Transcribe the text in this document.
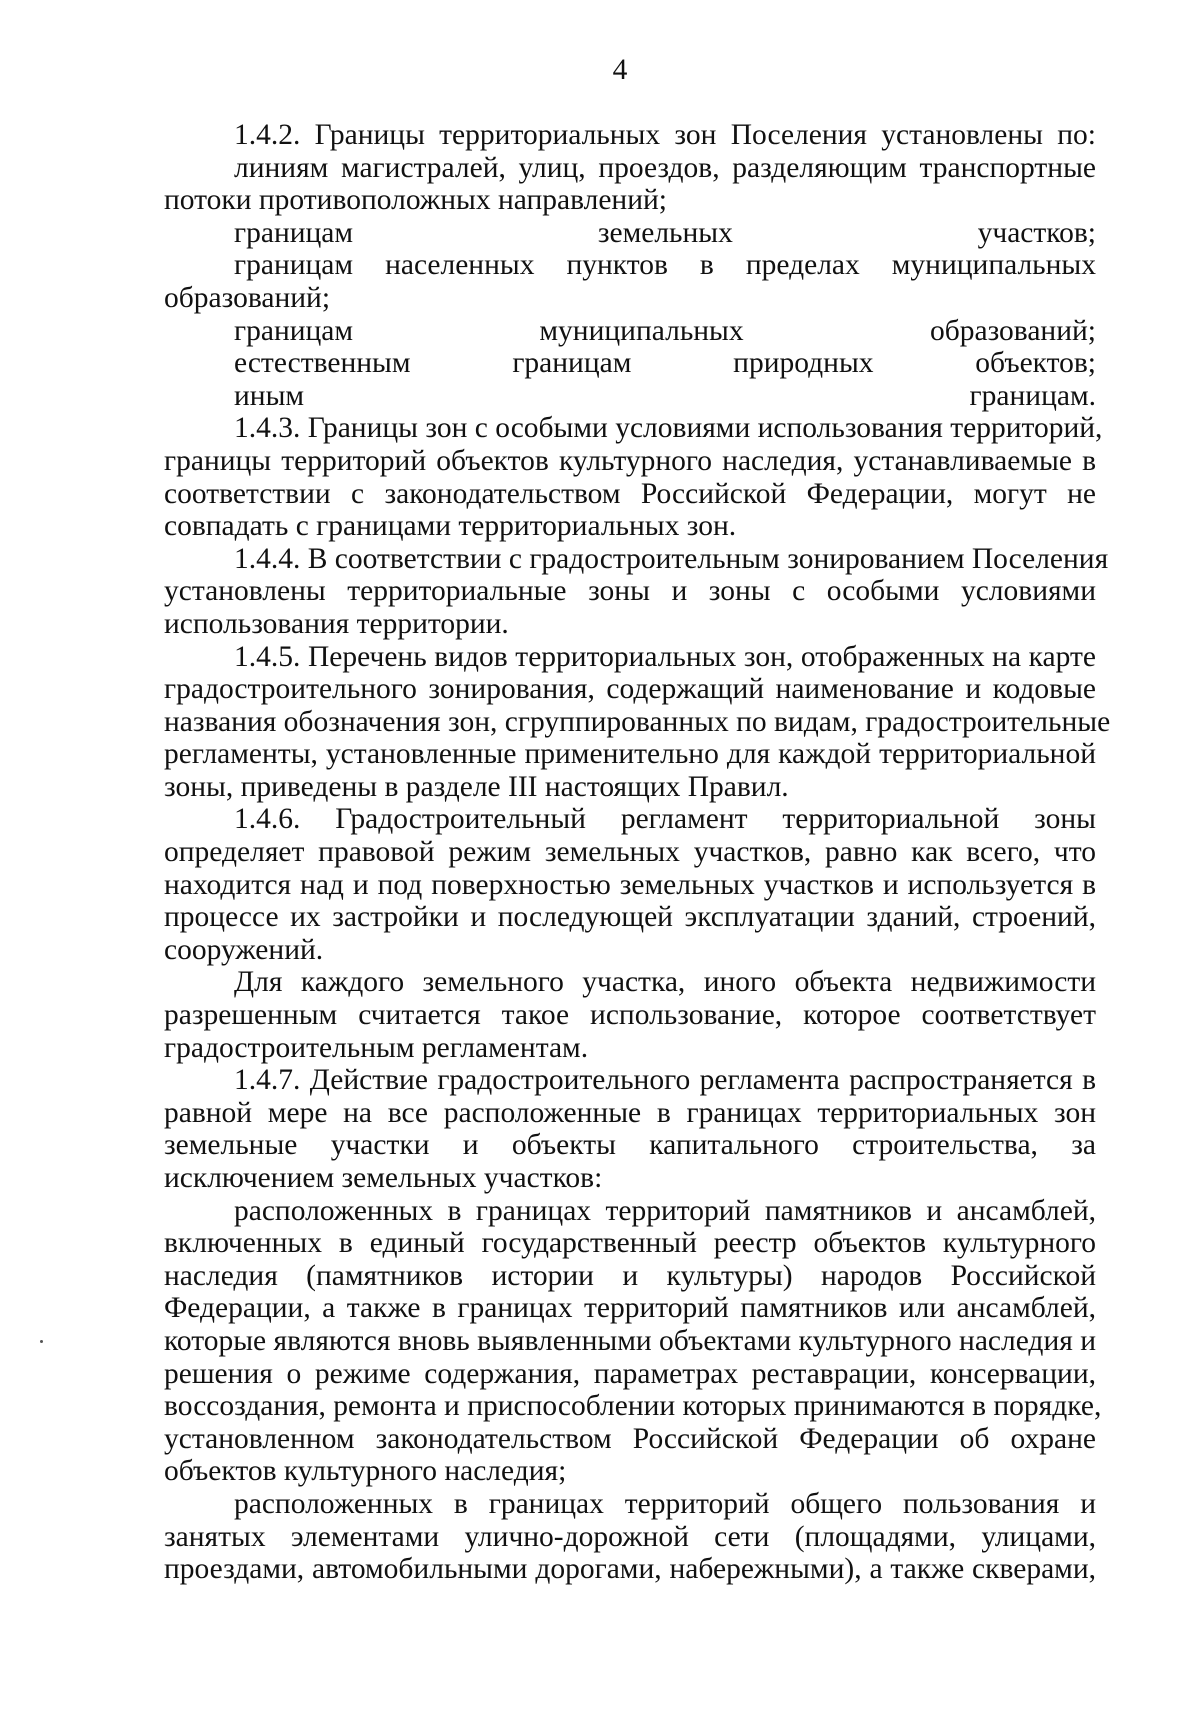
4
1.4.2. Границы территориальных зон Поселения установлены по:
линиям магистралей, улиц, проездов, разделяющим транспортные
потоки противоположных направлений;
границам земельных участков;
границам населенных пунктов в пределах муниципальных
образований;
границам муниципальных образований;
естественным границам природных объектов;
иным границам.
1.4.3. Границы зон с особыми условиями использования территорий,
границы территорий объектов культурного наследия, устанавливаемые в
соответствии с законодательством Российской Федерации, могут не
совпадать с границами территориальных зон.
1.4.4. В соответствии с градостроительным зонированием Поселения
установлены территориальные зоны и зоны с особыми условиями
использования территории.
1.4.5. Перечень видов территориальных зон, отображенных на карте
градостроительного зонирования, содержащий наименование и кодовые
названия обозначения зон, сгруппированных по видам, градостроительные
регламенты, установленные применительно для каждой территориальной
зоны, приведены в разделе III настоящих Правил.
1.4.6. Градостроительный регламент территориальной зоны
определяет правовой режим земельных участков, равно как всего, что
находится над и под поверхностью земельных участков и используется в
процессе их застройки и последующей эксплуатации зданий, строений,
сооружений.
Для каждого земельного участка, иного объекта недвижимости
разрешенным считается такое использование, которое соответствует
градостроительным регламентам.
1.4.7. Действие градостроительного регламента распространяется в
равной мере на все расположенные в границах территориальных зон
земельные участки и объекты капитального строительства, за
исключением земельных участков:
расположенных в границах территорий памятников и ансамблей,
включенных в единый государственный реестр объектов культурного
наследия (памятников истории и культуры) народов Российской
Федерации, а также в границах территорий памятников или ансамблей,
которые являются вновь выявленными объектами культурного наследия и
решения о режиме содержания, параметрах реставрации, консервации,
воссоздания, ремонта и приспособлении которых принимаются в порядке,
установленном законодательством Российской Федерации об охране
объектов культурного наследия;
расположенных в границах территорий общего пользования и
занятых элементами улично-дорожной сети (площадями, улицами,
проездами, автомобильными дорогами, набережными), а также скверами,
